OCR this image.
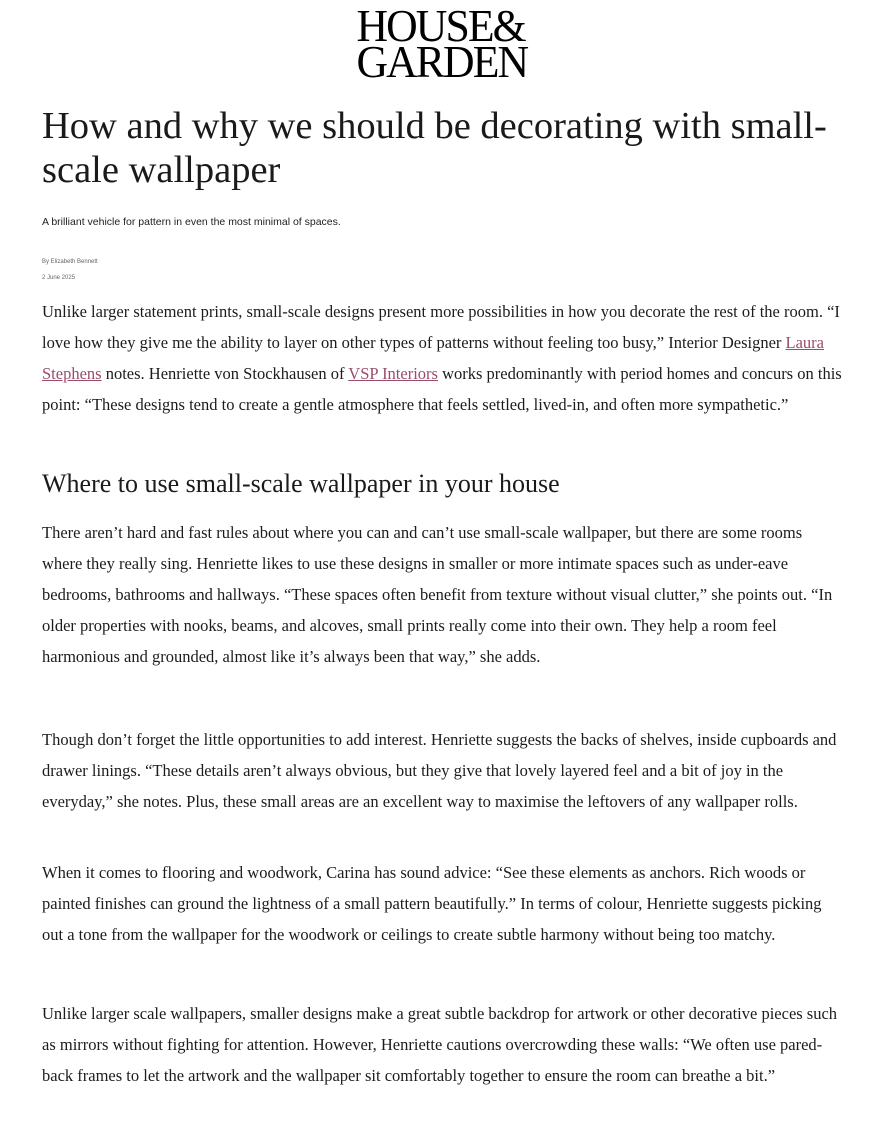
HOUSE&
GARDEN
How and why we should be decorating with small-scale wallpaper
A brilliant vehicle for pattern in even the most minimal of spaces.
By Elizabeth Bennett
2 June 2025

Unlike larger statement prints, small-scale designs present more possibilities in how you decorate the rest of the room. “I love how they give me the ability to layer on other types of patterns without feeling too busy,” Interior Designer Laura Stephens notes. Henriette von Stockhausen of VSP Interiors works predominantly with period homes and concurs on this point: “These designs tend to create a gentle atmosphere that feels settled, lived-in, and often more sympathetic.”

Where to use small-scale wallpaper in your house

There aren’t hard and fast rules about where you can and can’t use small-scale wallpaper, but there are some rooms where they really sing. Henriette likes to use these designs in smaller or more intimate spaces such as under-eave bedrooms, bathrooms and hallways. “These spaces often benefit from texture without visual clutter,” she points out. “In older properties with nooks, beams, and alcoves, small prints really come into their own. They help a room feel harmonious and grounded, almost like it’s always been that way,” she adds.

Though don’t forget the little opportunities to add interest. Henriette suggests the backs of shelves, inside cupboards and drawer linings. “These details aren’t always obvious, but they give that lovely layered feel and a bit of joy in the everyday,” she notes. Plus, these small areas are an excellent way to maximise the leftovers of any wallpaper rolls.

When it comes to flooring and woodwork, Carina has sound advice: “See these elements as anchors. Rich woods or painted finishes can ground the lightness of a small pattern beautifully.” In terms of colour, Henriette suggests picking out a tone from the wallpaper for the woodwork or ceilings to create subtle harmony without being too matchy.

Unlike larger scale wallpapers, smaller designs make a great subtle backdrop for artwork or other decorative pieces such as mirrors without fighting for attention. However, Henriette cautions overcrowding these walls: “We often use pared-back frames to let the artwork and the wallpaper sit comfortably together to ensure the room can breathe a bit.”
